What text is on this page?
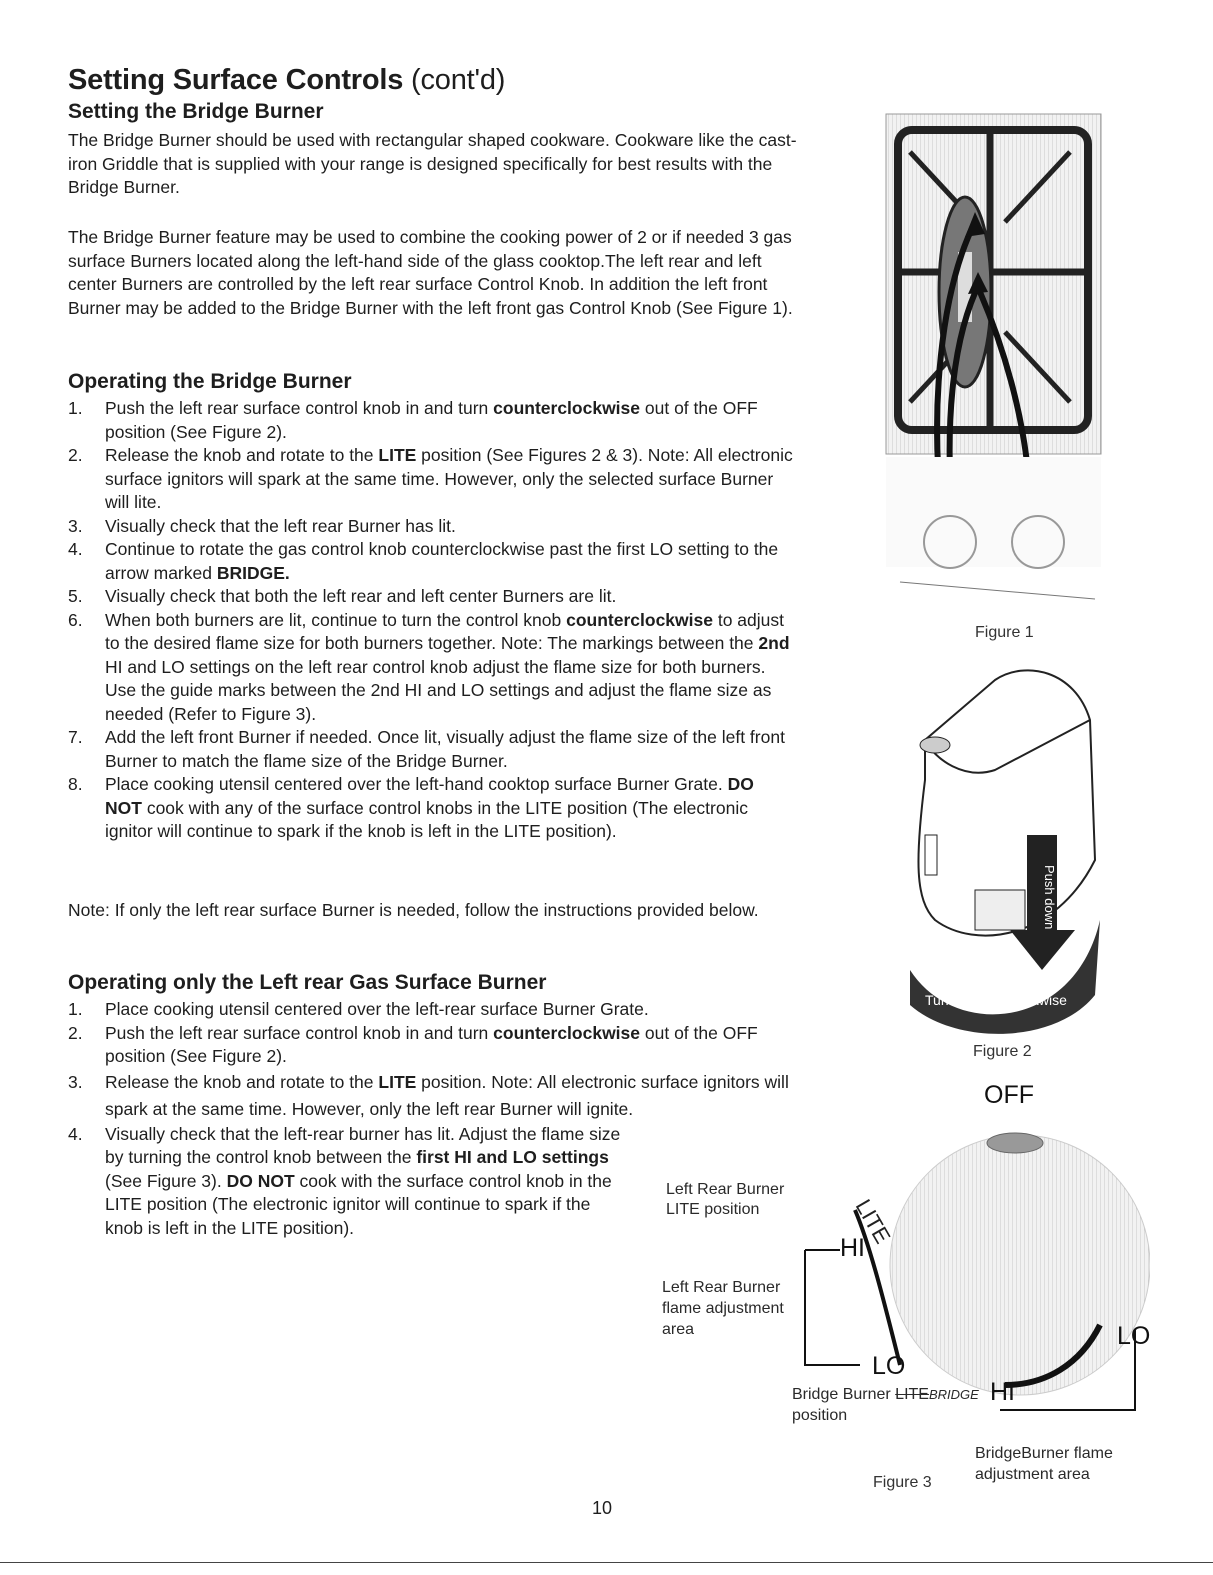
Setting Surface Controls (cont'd)
Setting the Bridge Burner
The Bridge Burner should be used with rectangular shaped cookware. Cookware like the cast-iron Griddle that is supplied with your range is designed specifically for best results with the Bridge Burner.
The Bridge Burner feature may be used to combine the cooking power of 2 or if needed 3 gas surface Burners located along the left-hand side of the glass cooktop.The left rear and left center Burners are controlled by the left rear surface Control Knob. In addition the left front Burner may be added to the Bridge Burner with the left front gas Control Knob (See Figure 1).
Operating the Bridge Burner
1. Push the left rear surface control knob in and turn counterclockwise out of the OFF position (See Figure 2).
2. Release the knob and rotate to the LITE position (See Figures 2 & 3). Note: All electronic surface ignitors will spark at the same time. However, only the selected surface Burner will lite.
3. Visually check that the left rear Burner has lit.
4. Continue to rotate the gas control knob counterclockwise past the first LO setting to the arrow marked BRIDGE.
5. Visually check that both the left rear and left center Burners are lit.
6. When both burners are lit, continue to turn the control knob counterclockwise to adjust to the desired flame size for both burners together. Note: The markings between the 2nd HI and LO settings on the left rear control knob adjust the flame size for both burners. Use the guide marks between the 2nd HI and LO settings and adjust the flame size as needed (Refer to Figure 3).
7. Add the left front Burner if needed. Once lit, visually adjust the flame size of the left front Burner to match the flame size of the Bridge Burner.
8. Place cooking utensil centered over the left-hand cooktop surface Burner Grate. DO NOT cook with any of the surface control knobs in the LITE position (The electronic ignitor will continue to spark if the knob is left in the LITE position).
Note: If only the left rear surface Burner is needed, follow the instructions provided below.
Operating only the Left rear Gas Surface Burner
1. Place cooking utensil centered over the left-rear surface Burner Grate.
2. Push the left rear surface control knob in and turn counterclockwise out of the OFF position (See Figure 2).
3. Release the knob and rotate to the LITE position. Note: All electronic surface ignitors will spark at the same time. However, only the left rear Burner will ignite.
4. Visually check that the left-rear burner has lit. Adjust the flame size by turning the control knob between the first HI and LO settings (See Figure 3). DO NOT cook with the surface control knob in the LITE position (The electronic ignitor will continue to spark if the knob is left in the LITE position).
Figure 1
Push down
Turn Counterclockwise
Figure 2
OFF
LITE
Left Rear Burner
LITE position
HI
Left Rear Burner
flame adjustment
area
LO
LO
Bridge Burner LITEBRIDGE
position
HI
BridgeBurner flame
adjustment area
Figure 3
10
